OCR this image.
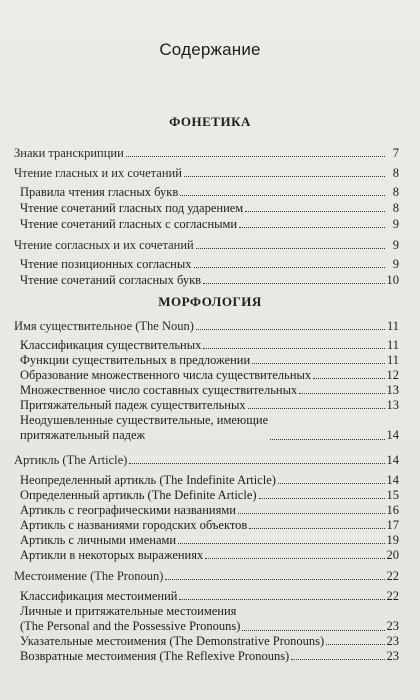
Содержание
ФОНЕТИКА
Знаки транскрипции	7
Чтение гласных и их сочетаний	8
Правила чтения гласных букв	8
Чтение сочетаний гласных под ударением	8
Чтение сочетаний гласных с согласными	9
Чтение согласных и их сочетаний	9
Чтение позиционных согласных	9
Чтение сочетаний согласных букв	10
МОРФОЛОГИЯ
Имя существительное (The Noun)	11
Классификация существительных	11
Функции существительных в предложении	11
Образование множественного числа существительных	12
Множественное число составных существительных	13
Притяжательный падеж существительных	13
Неодушевленные существительные, имеющие
притяжательный падеж	14
Артикль (The Article)	14
Неопределенный артикль (The Indefinite Article)	14
Определенный артикль (The Definite Article)	15
Артикль с географическими названиями	16
Артикль с названиями городских объектов	17
Артикль с личными именами	19
Артикли в некоторых выражениях	20
Местоимение (The Pronoun)	22
Классификация местоимений	22
Личные и притяжательные местоимения
(The Personal and the Possessive Pronouns)	23
Указательные местоимения (The Demonstrative Pronouns)	23
Возвратные местоимения (The Reflexive Pronouns)	23
